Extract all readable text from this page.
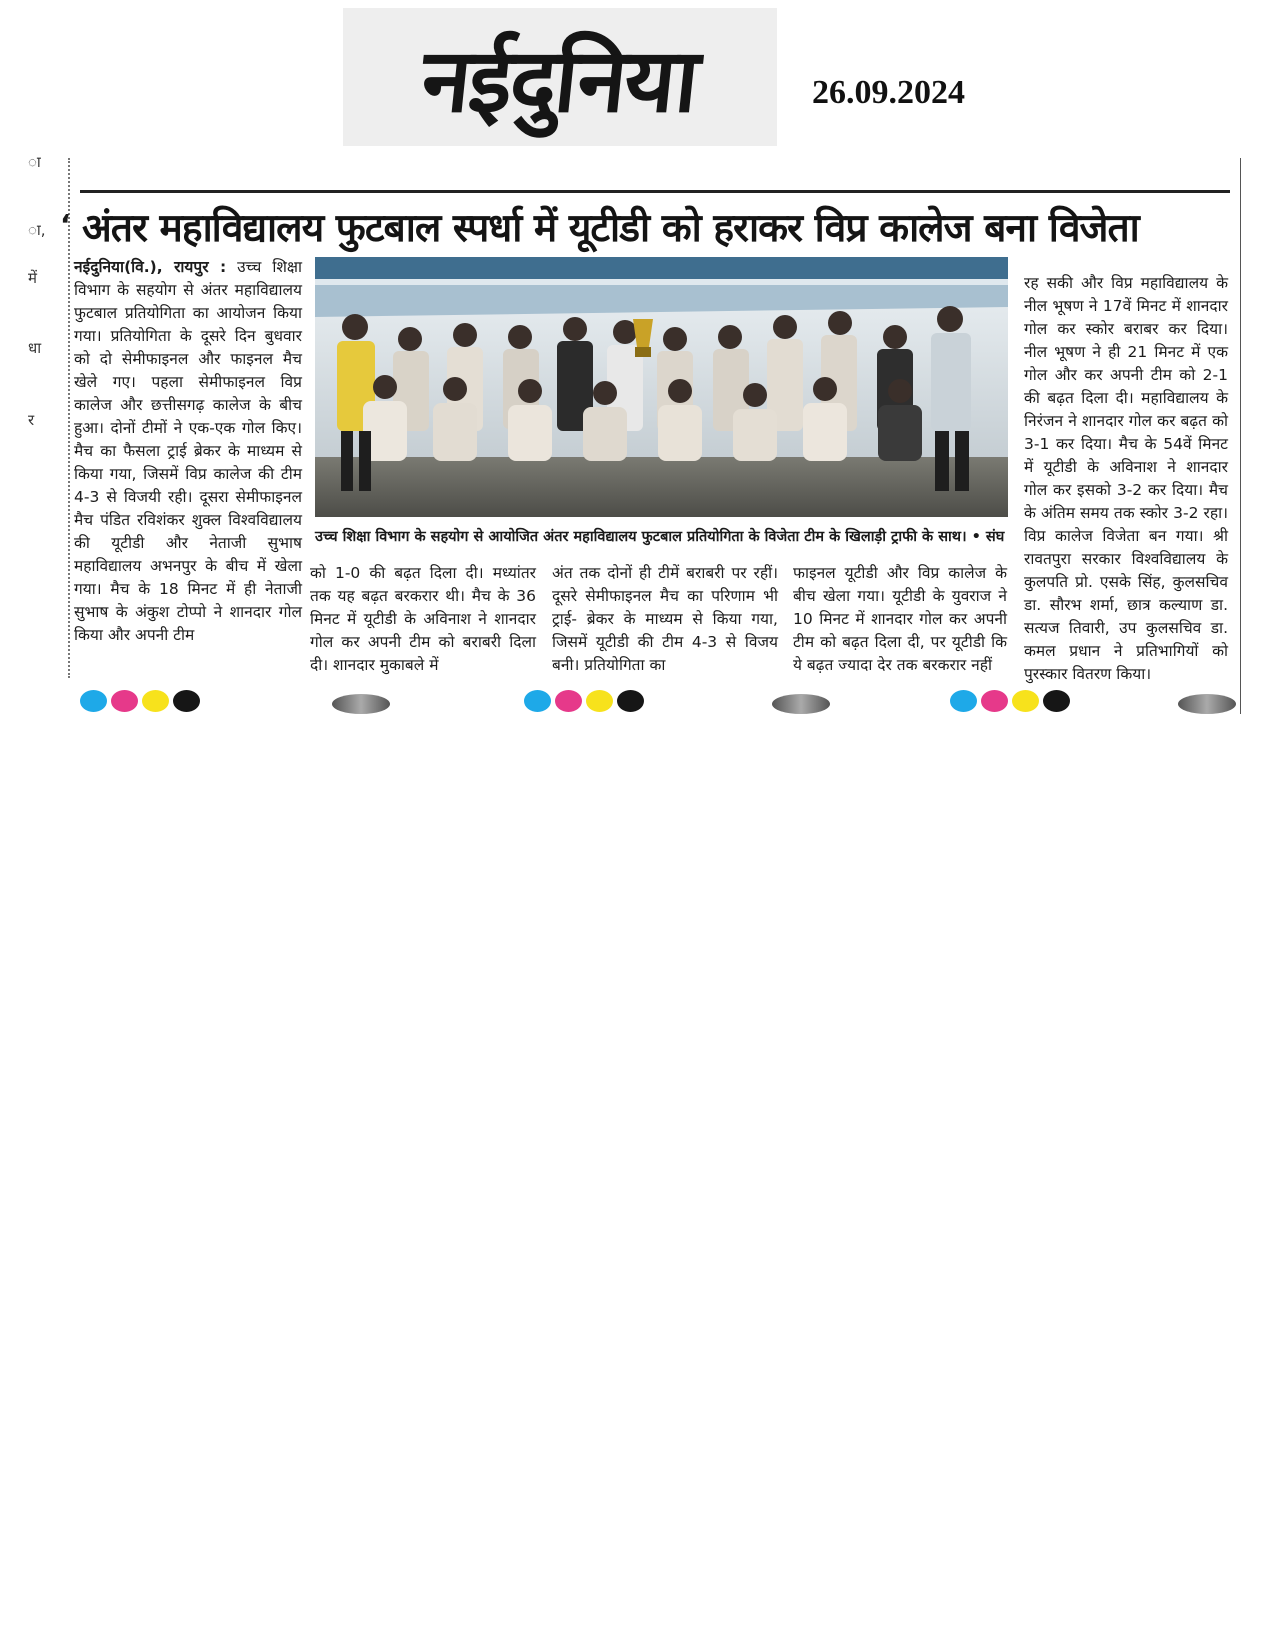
नईदुनिया	26.09.2024
ा
ा,
में
धा
र
‘ अंतर महाविद्यालय फुटबाल स्पर्धा में यूटीडी को हराकर विप्र कालेज बना विजेता
नईदुनिया(वि.), रायपुर : उच्च शिक्षा विभाग के सहयोग से अंतर महाविद्यालय फुटबाल प्रतियोगिता का आयोजन किया गया। प्रतियोगिता के दूसरे दिन बुधवार को दो सेमीफाइनल और फाइनल मैच खेले गए। पहला सेमीफाइनल विप्र कालेज और छत्तीसगढ़ कालेज के बीच हुआ। दोनों टीमों ने एक-एक गोल किए। मैच का फैसला ट्राई ब्रेकर के माध्यम से किया गया, जिसमें विप्र कालेज की टीम 4-3 से विजयी रही। दूसरा सेमीफाइनल मैच पंडित रविशंकर शुक्ल विश्वविद्यालय की यूटीडी और नेताजी सुभाष महाविद्यालय अभनपुर के बीच में खेला गया। मैच के 18 मिनट में ही नेताजी सुभाष के अंकुश टोप्पो ने शानदार गोल किया और अपनी टीम
उच्च शिक्षा विभाग के सहयोग से आयोजित अंतर महाविद्यालय फुटबाल प्रतियोगिता के विजेता टीम के खिलाड़ी ट्राफी के साथ। • संघ
को 1-0 की बढ़त दिला दी। मध्यांतर तक यह बढ़त बरकरार थी। मैच के 36 मिनट में यूटीडी के अविनाश ने शानदार गोल कर अपनी टीम को बराबरी दिला दी। शानदार मुकाबले में
अंत तक दोनों ही टीमें बराबरी पर रहीं। दूसरे सेमीफाइनल मैच का परिणाम भी ट्राई- ब्रेकर के माध्यम से किया गया, जिसमें यूटीडी की टीम 4-3 से विजय बनी। प्रतियोगिता का
फाइनल यूटीडी और विप्र कालेज के बीच खेला गया। यूटीडी के युवराज ने 10 मिनट में शानदार गोल कर अपनी टीम को बढ़त दिला दी, पर यूटीडी कि ये बढ़त ज्यादा देर तक बरकरार नहीं
रह सकी और विप्र महाविद्यालय के नील भूषण ने 17वें मिनट में शानदार गोल कर स्कोर बराबर कर दिया। नील भूषण ने ही 21 मिनट में एक गोल और कर अपनी टीम को 2-1 की बढ़त दिला दी। महाविद्यालय के निरंजन ने शानदार गोल कर बढ़त को 3-1 कर दिया। मैच के 54वें मिनट में यूटीडी के अविनाश ने शानदार गोल कर इसको 3-2 कर दिया। मैच के अंतिम समय तक स्कोर 3-2 रहा। विप्र कालेज विजेता बन गया। श्री रावतपुरा सरकार विश्वविद्यालय के कुलपति प्रो. एसके सिंह, कुलसचिव डा. सौरभ शर्मा, छात्र कल्याण डा. सत्यज तिवारी, उप कुलसचिव डा. कमल प्रधान ने प्रतिभागियों को पुरस्कार वितरण किया।
